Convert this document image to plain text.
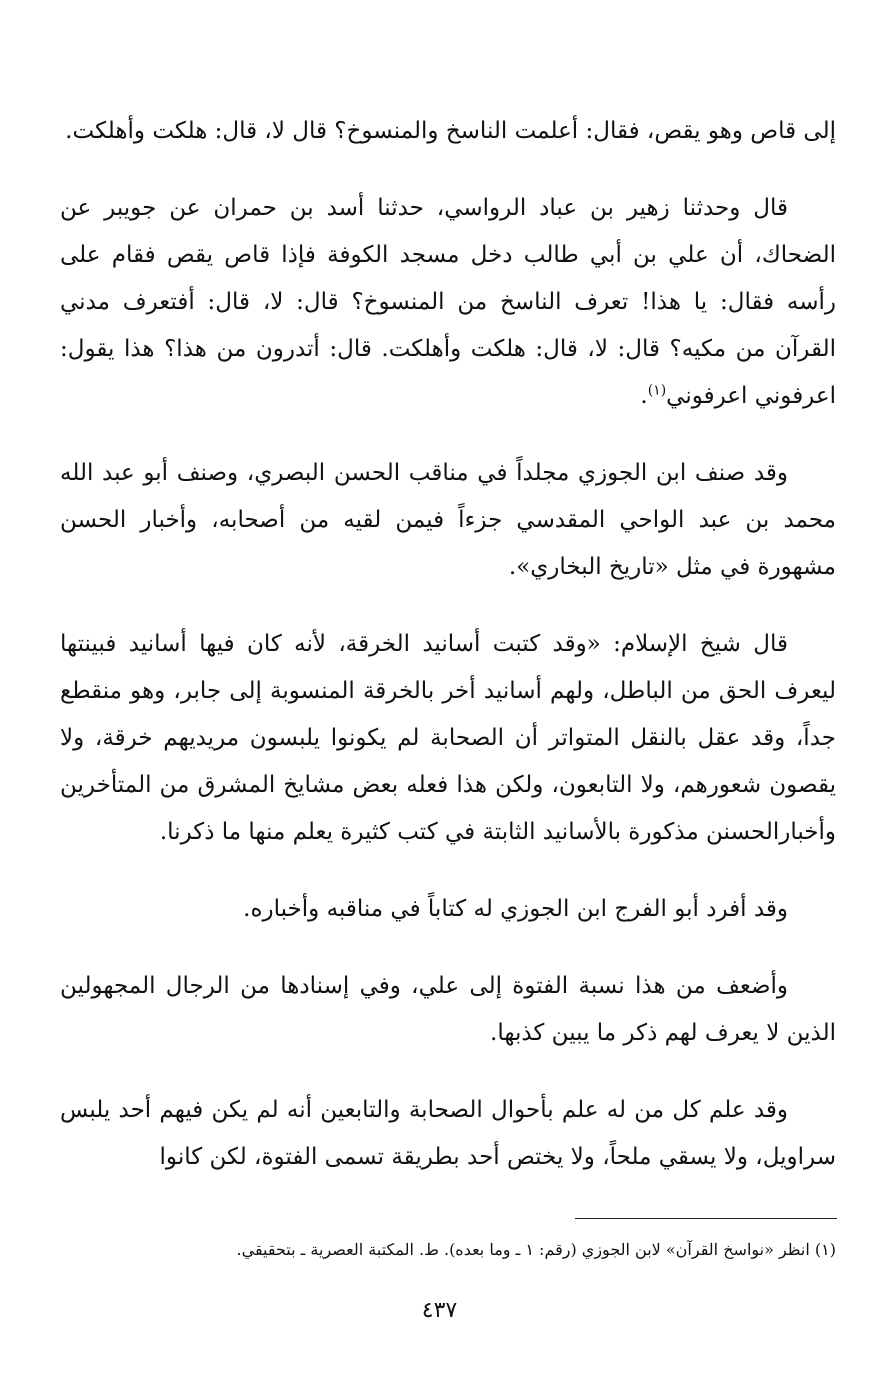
إلى قاص وهو يقص، فقال: أعلمت الناسخ والمنسوخ؟ قال لا، قال: هلكت وأهلكت.

قال وحدثنا زهير بن عباد الرواسي، حدثنا أسد بن حمران عن جويبر عن الضحاك، أن علي بن أبي طالب دخل مسجد الكوفة فإذا قاص يقص فقام على رأسه فقال: يا هذا! تعرف الناسخ من المنسوخ؟ قال: لا، قال: أفتعرف مدني القرآن من مكيه؟ قال: لا، قال: هلكت وأهلكت. قال: أتدرون من هذا؟ هذا يقول: اعرفوني اعرفوني$^{(١)}$.

وقد صنف ابن الجوزي مجلداً في مناقب الحسن البصري، وصنف أبو عبد الله محمد بن عبد الواحي المقدسي جزءاً فيمن لقيه من أصحابه، وأخبار الحسن مشهورة في مثل «تاريخ البخاري».

قال شيخ الإسلام: «وقد كتبت أسانيد الخرقة، لأنه كان فيها أسانيد فبينتها ليعرف الحق من الباطل، ولهم أسانيد أخر بالخرقة المنسوبة إلى جابر، وهو منقطع جداً، وقد عقل بالنقل المتواتر أن الصحابة لم يكونوا يلبسون مريديهم خرقة، ولا يقصون شعورهم، ولا التابعون، ولكن هذا فعله بعض مشايخ المشرق من المتأخرين وأخبارالحسنن مذكورة بالأسانيد الثابتة في كتب كثيرة يعلم منها ما ذكرنا.

وقد أفرد أبو الفرج ابن الجوزي له كتاباً في مناقبه وأخباره.

وأضعف من هذا نسبة الفتوة إلى علي، وفي إسنادها من الرجال المجهولين الذين لا يعرف لهم ذكر ما يبين كذبها.

وقد علم كل من له علم بأحوال الصحابة والتابعين أنه لم يكن فيهم أحد يلبس سراويل، ولا يسقي ملحاً، ولا يختص أحد بطريقة تسمى الفتوة، لكن كانوا

(١) انظر «نواسخ القرآن» لابن الجوزي (رقم: ١ ـ وما بعده). ط. المكتبة العصرية ـ بتحقيقي.

٤٣٧
